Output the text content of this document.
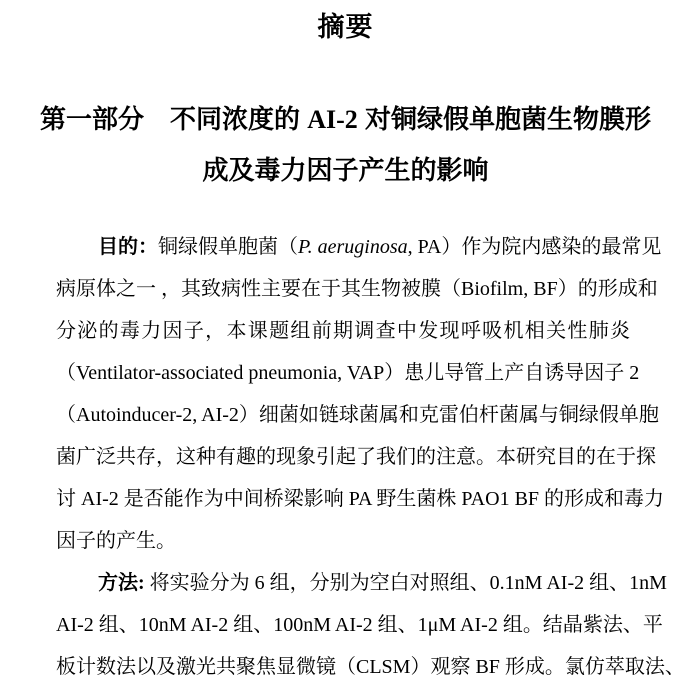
摘要
第一部分　不同浓度的 AI-2 对铜绿假单胞菌生物膜形
成及毒力因子产生的影响
目的：铜绿假单胞菌（P. aeruginosa, PA）作为院内感染的最常见
病原体之一 ，其致病性主要在于其生物被膜（Biofilm, BF）的形成和
分泌的毒力因子，本课题组前期调查中发现呼吸机相关性肺炎
（Ventilator-associated pneumonia, VAP）患儿导管上产自诱导因子 2
（Autoinducer-2, AI-2）细菌如链球菌属和克雷伯杆菌属与铜绿假单胞
菌广泛共存，这种有趣的现象引起了我们的注意。本研究目的在于探
讨 AI-2 是否能作为中间桥梁影响 PA 野生菌株 PAO1 BF 的形成和毒力
因子的产生。
方法: 将实验分为 6 组，分别为空白对照组、0.1nM AI-2 组、1nM
AI-2 组、10nM AI-2 组、100nM AI-2 组、1μM AI-2 组。结晶紫法、平
板计数法以及激光共聚焦显微镜（CLSM）观察 BF 形成。氯仿萃取法、
